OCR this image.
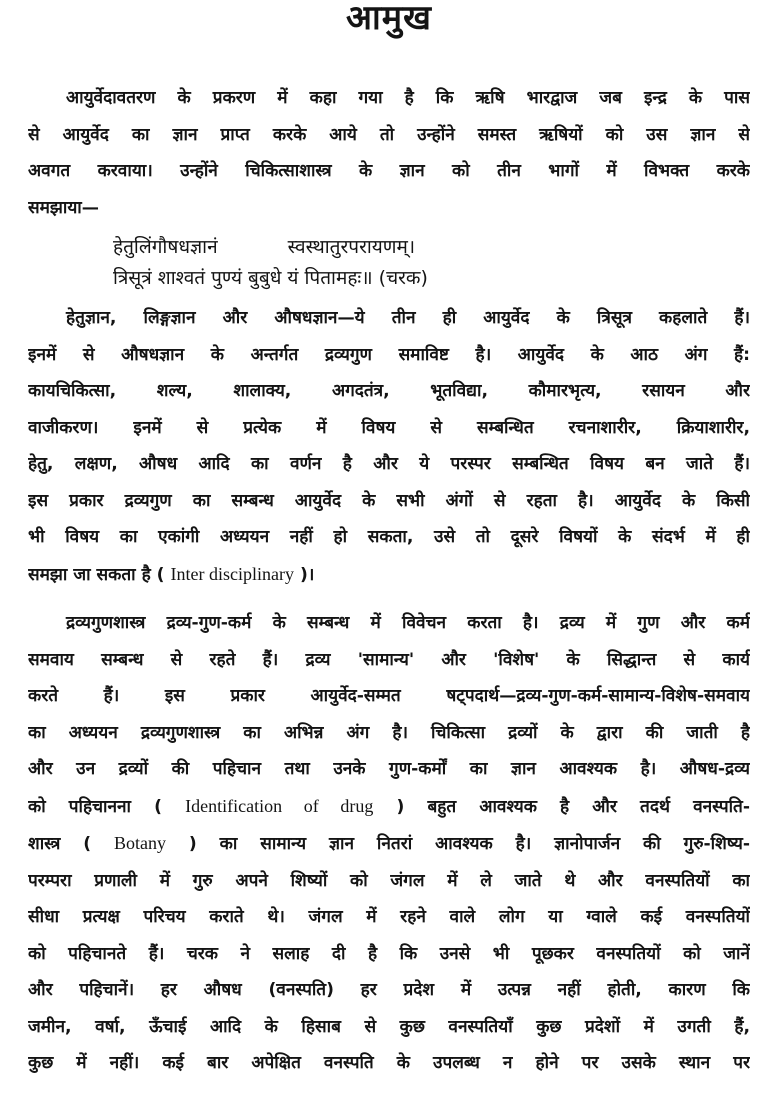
आमुख
आयुर्वेदावतरण के प्रकरण में कहा गया है कि ऋषि भारद्वाज जब इन्द्र के पास
से आयुर्वेद का ज्ञान प्राप्त करके आये तो उन्होंने समस्त ऋषियों को उस ज्ञान से
अवगत करवाया। उन्होंने चिकित्साशास्त्र के ज्ञान को तीन भागों में विभक्त करके
समझाया—
हेतुलिंगौषधज्ञानं	स्वस्थातुरपरायणम्।
त्रिसूत्रं शाश्वतं पुण्यं बुबुधे यं पितामहः॥ (चरक)
हेतुज्ञान, लिङ्गज्ञान और औषधज्ञान—ये तीन ही आयुर्वेद के त्रिसूत्र कहलाते हैं।
इनमें से औषधज्ञान के अन्तर्गत द्रव्यगुण समाविष्ट है। आयुर्वेद के आठ अंग हैं:
कायचिकित्सा, शल्य, शालाक्य, अगदतंत्र, भूतविद्या, कौमारभृत्य, रसायन और
वाजीकरण। इनमें से प्रत्येक में विषय से सम्बन्धित रचनाशारीर, क्रियाशारीर,
हेतु, लक्षण, औषध आदि का वर्णन है और ये परस्पर सम्बन्धित विषय बन जाते हैं।
इस प्रकार द्रव्यगुण का सम्बन्ध आयुर्वेद के सभी अंगों से रहता है। आयुर्वेद के किसी
भी विषय का एकांगी अध्ययन नहीं हो सकता, उसे तो दूसरे विषयों के संदर्भ में ही
समझा जा सकता है ( Inter disciplinary )।
द्रव्यगुणशास्त्र द्रव्य-गुण-कर्म के सम्बन्ध में विवेचन करता है। द्रव्य में गुण और कर्म
समवाय सम्बन्ध से रहते हैं। द्रव्य 'सामान्य' और 'विशेष' के सिद्धान्त से कार्य
करते हैं। इस प्रकार आयुर्वेद-सम्मत षट्पदार्थ—द्रव्य-गुण-कर्म-सामान्य-विशेष-समवाय
का अध्ययन द्रव्यगुणशास्त्र का अभिन्न अंग है। चिकित्सा द्रव्यों के द्वारा की जाती है
और उन द्रव्यों की पहिचान तथा उनके गुण-कर्मों का ज्ञान आवश्यक है। औषध-द्रव्य
को पहिचानना ( Identification of drug ) बहुत आवश्यक है और तदर्थ वनस्पति-
शास्त्र ( Botany ) का सामान्य ज्ञान नितरां आवश्यक है। ज्ञानोपार्जन की गुरु-शिष्य-
परम्परा प्रणाली में गुरु अपने शिष्यों को जंगल में ले जाते थे और वनस्पतियों का
सीधा प्रत्यक्ष परिचय कराते थे। जंगल में रहने वाले लोग या ग्वाले कई वनस्पतियों
को पहिचानते हैं। चरक ने सलाह दी है कि उनसे भी पूछकर वनस्पतियों को जानें
और पहिचानें। हर औषध (वनस्पति) हर प्रदेश में उत्पन्न नहीं होती, कारण कि
जमीन, वर्षा, ऊँचाई आदि के हिसाब से कुछ वनस्पतियाँ कुछ प्रदेशों में उगती हैं,
कुछ में नहीं। कई बार अपेक्षित वनस्पति के उपलब्ध न होने पर उसके स्थान पर
